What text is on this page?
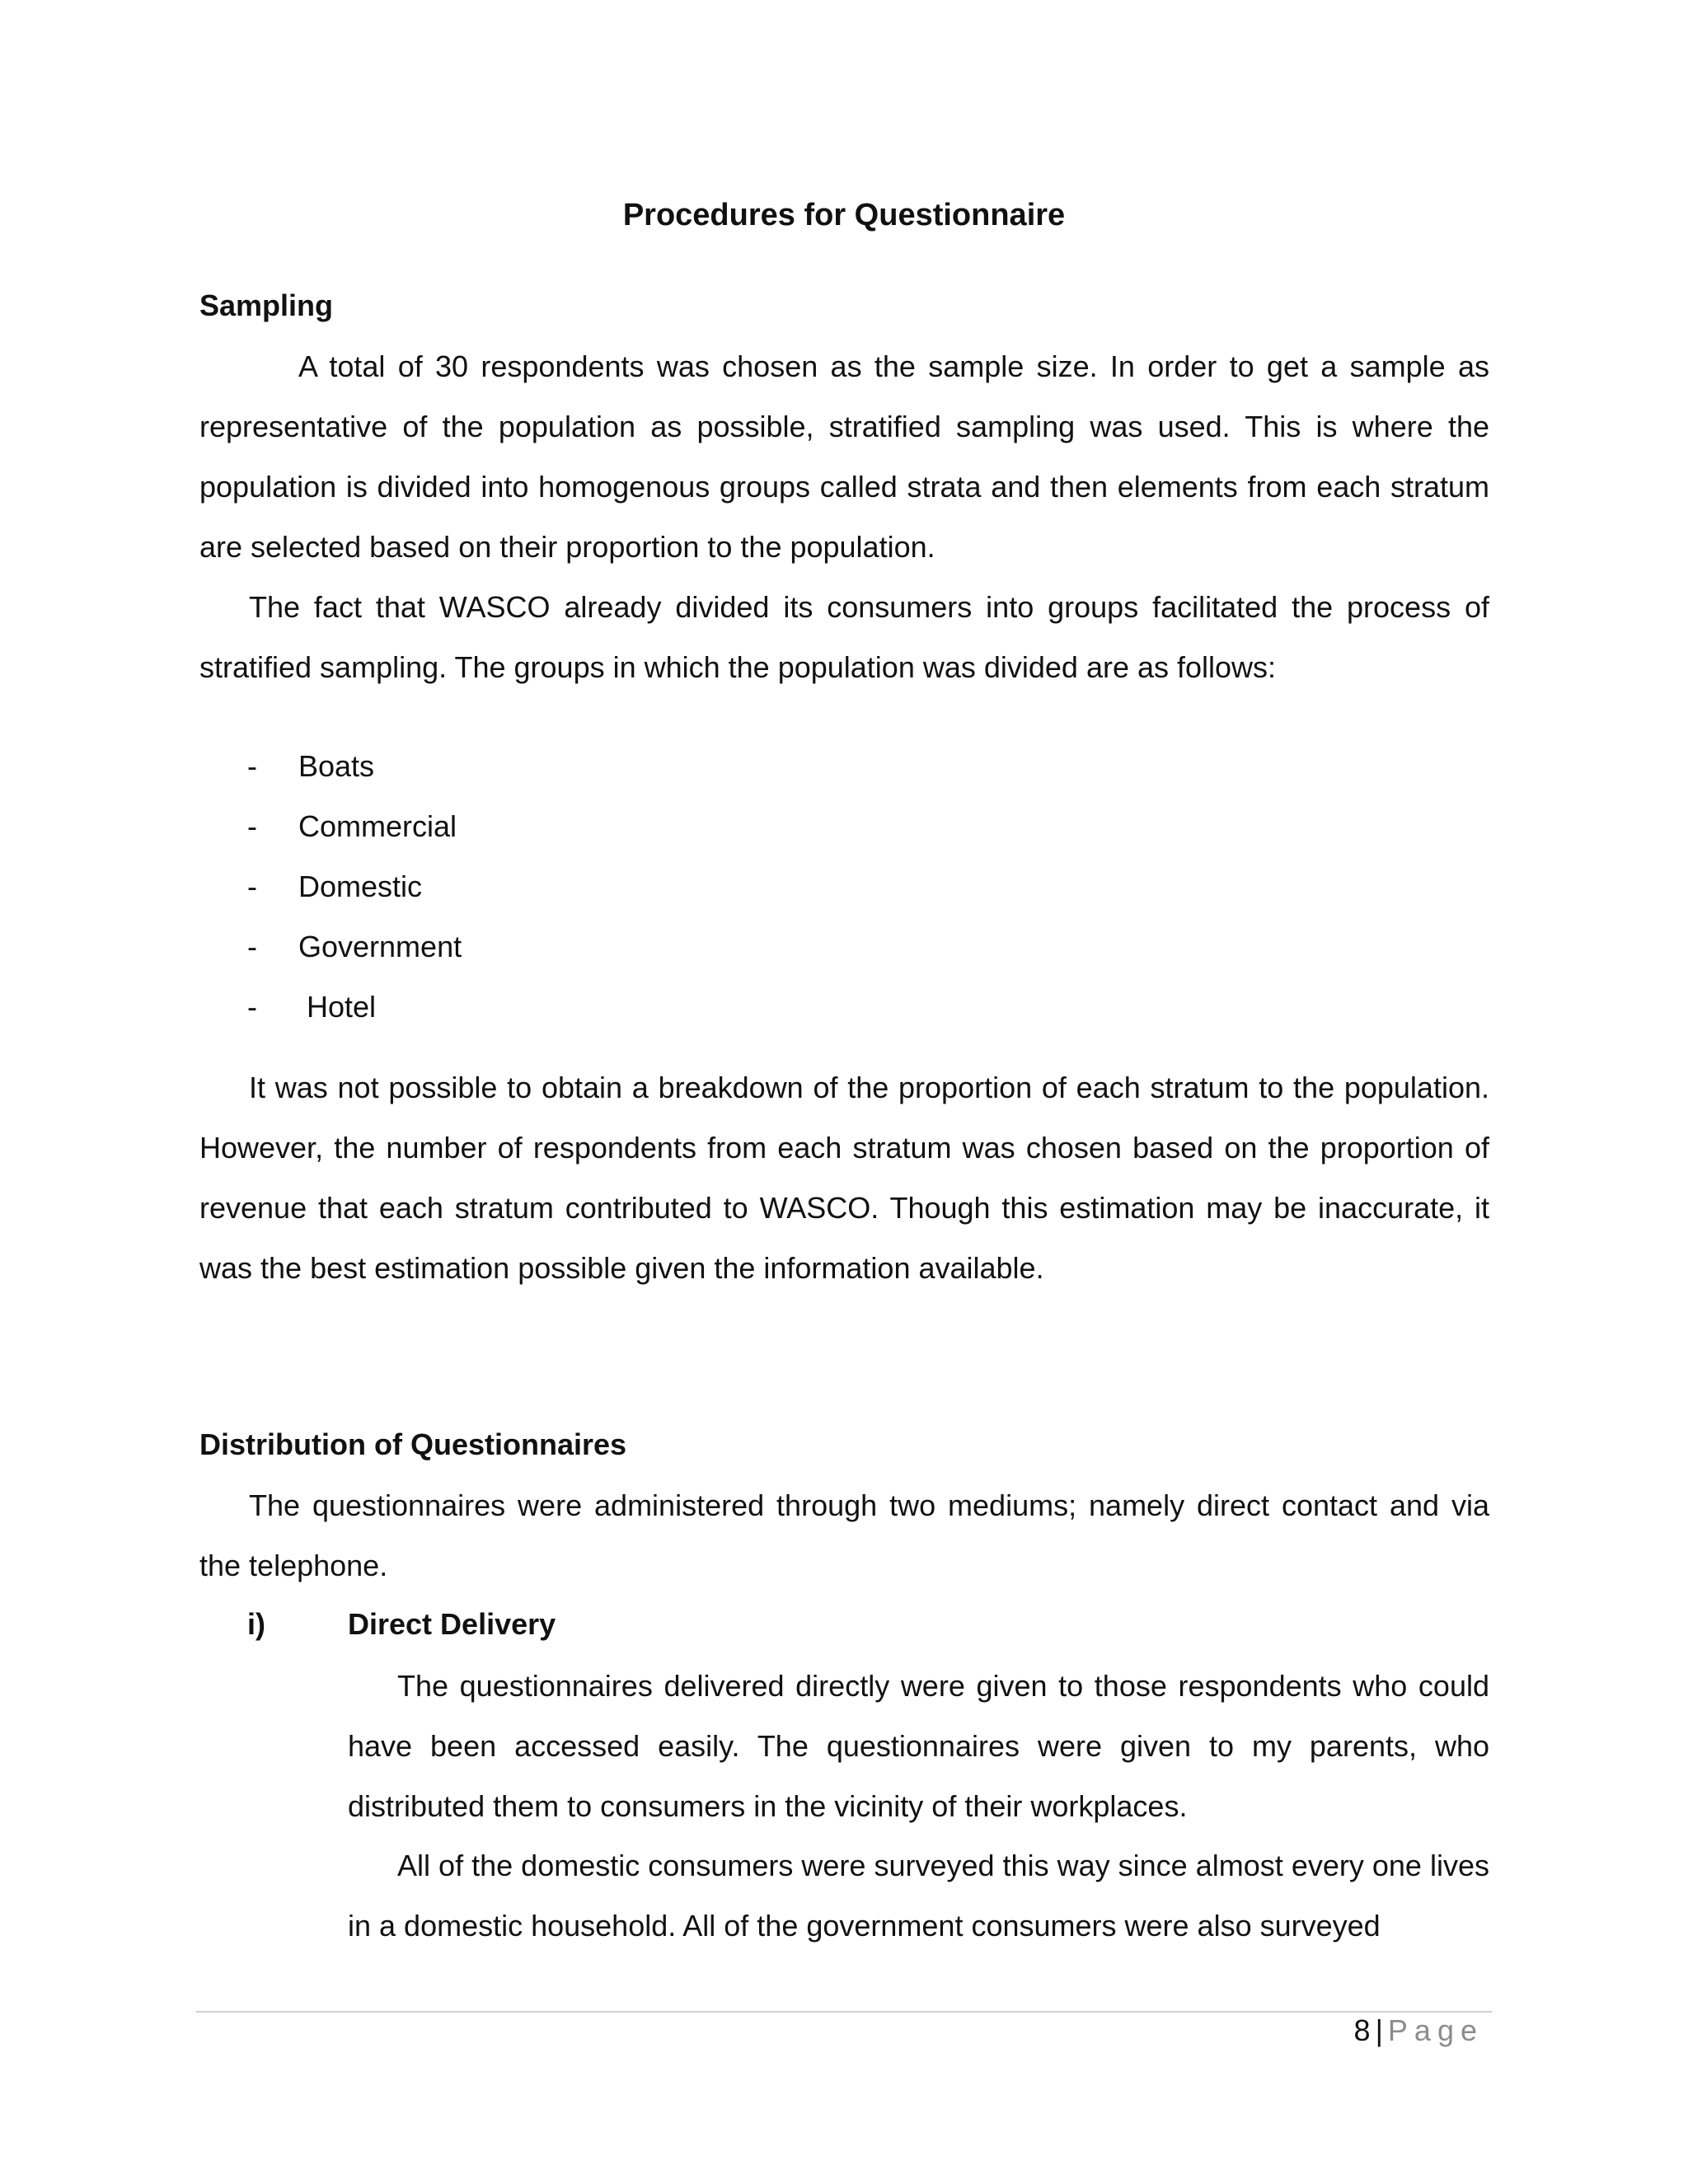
Procedures for Questionnaire
Sampling
A total of 30 respondents was chosen as the sample size. In order to get a sample as representative of the population as possible, stratified sampling was used. This is where the population is divided into homogenous groups called strata and then elements from each stratum are selected based on their proportion to the population.
The fact that WASCO already divided its consumers into groups facilitated the process of stratified sampling. The groups in which the population was divided are as follows:
- Boats
- Commercial
- Domestic
- Government
- Hotel
It was not possible to obtain a breakdown of the proportion of each stratum to the population. However, the number of respondents from each stratum was chosen based on the proportion of revenue that each stratum contributed to WASCO. Though this estimation may be inaccurate, it was the best estimation possible given the information available.
Distribution of Questionnaires
The questionnaires were administered through two mediums; namely direct contact and via the telephone.
i)	Direct Delivery
The questionnaires delivered directly were given to those respondents who could have been accessed easily. The questionnaires were given to my parents, who distributed them to consumers in the vicinity of their workplaces.
All of the domestic consumers were surveyed this way since almost every one lives in a domestic household. All of the government consumers were also surveyed
8 | Page
